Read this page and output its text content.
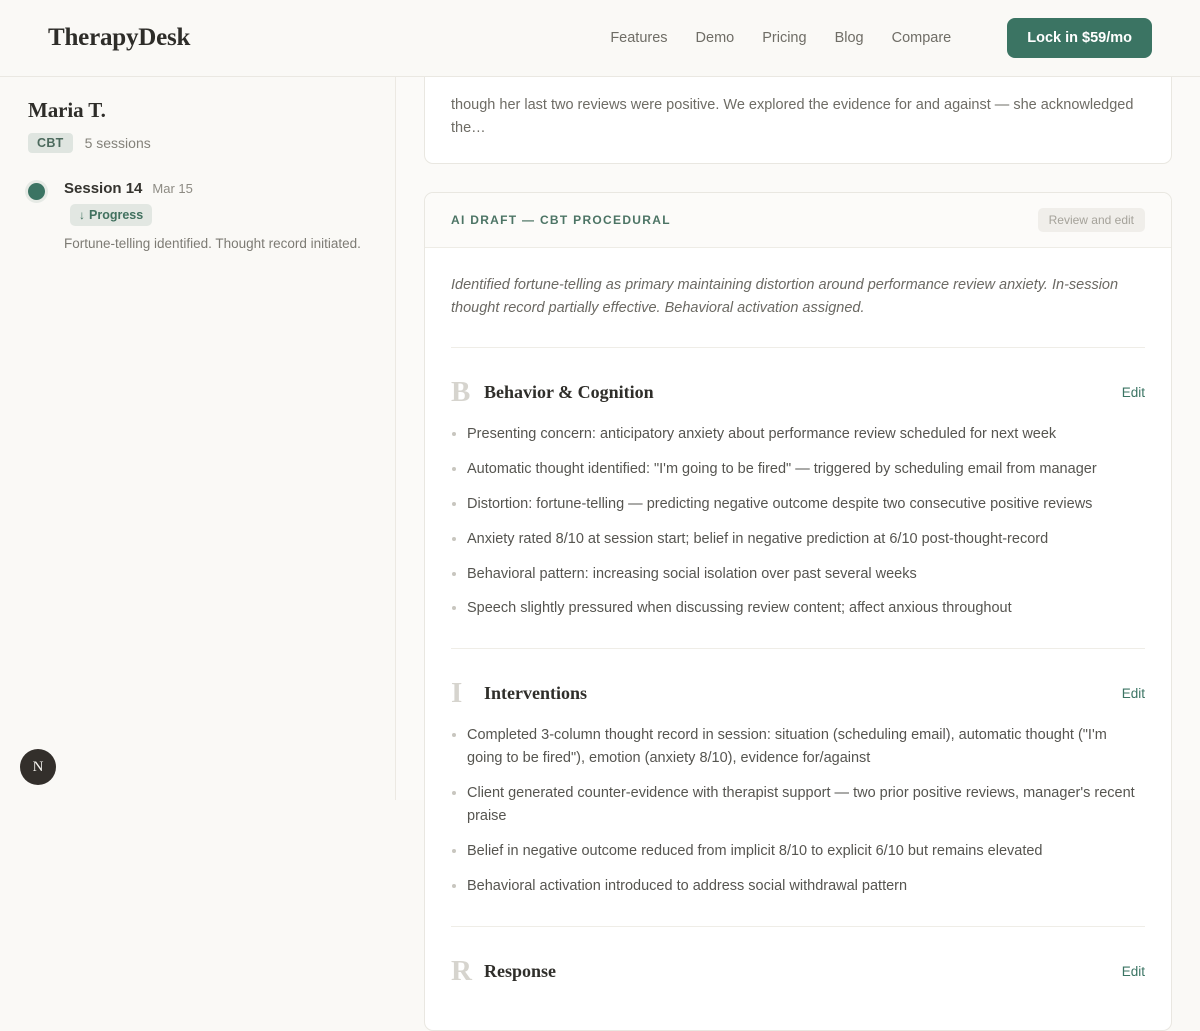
TherapyDesk	Features Demo Pricing Blog Compare	Lock in $59/mo
Maria T.
CBT	5 sessions
Session 14 Mar 15
↓ Progress
Fortune-telling identified. Thought record initiated.

though her last two reviews were positive. We explored the evidence for and against — she acknowledged the…

AI DRAFT — CBT PROCEDURAL	Review and edit

Identified fortune-telling as primary maintaining distortion around performance review anxiety. In-session thought record partially effective. Behavioral activation assigned.

B Behavior & Cognition	Edit
Presenting concern: anticipatory anxiety about performance review scheduled for next week
Automatic thought identified: "I'm going to be fired" — triggered by scheduling email from manager
Distortion: fortune-telling — predicting negative outcome despite two consecutive positive reviews
Anxiety rated 8/10 at session start; belief in negative prediction at 6/10 post-thought-record
Behavioral pattern: increasing social isolation over past several weeks
Speech slightly pressured when discussing review content; affect anxious throughout
I	Interventions	Edit
Completed 3-column thought record in session: situation (scheduling email), automatic thought ("I'm going to be fired"), emotion (anxiety 8/10), evidence for/against
Client generated counter-evidence with therapist support — two prior positive reviews, manager's recent praise
Belief in negative outcome reduced from implicit 8/10 to explicit 6/10 but remains elevated
Behavioral activation introduced to address social withdrawal pattern
R Response	Edit
N
